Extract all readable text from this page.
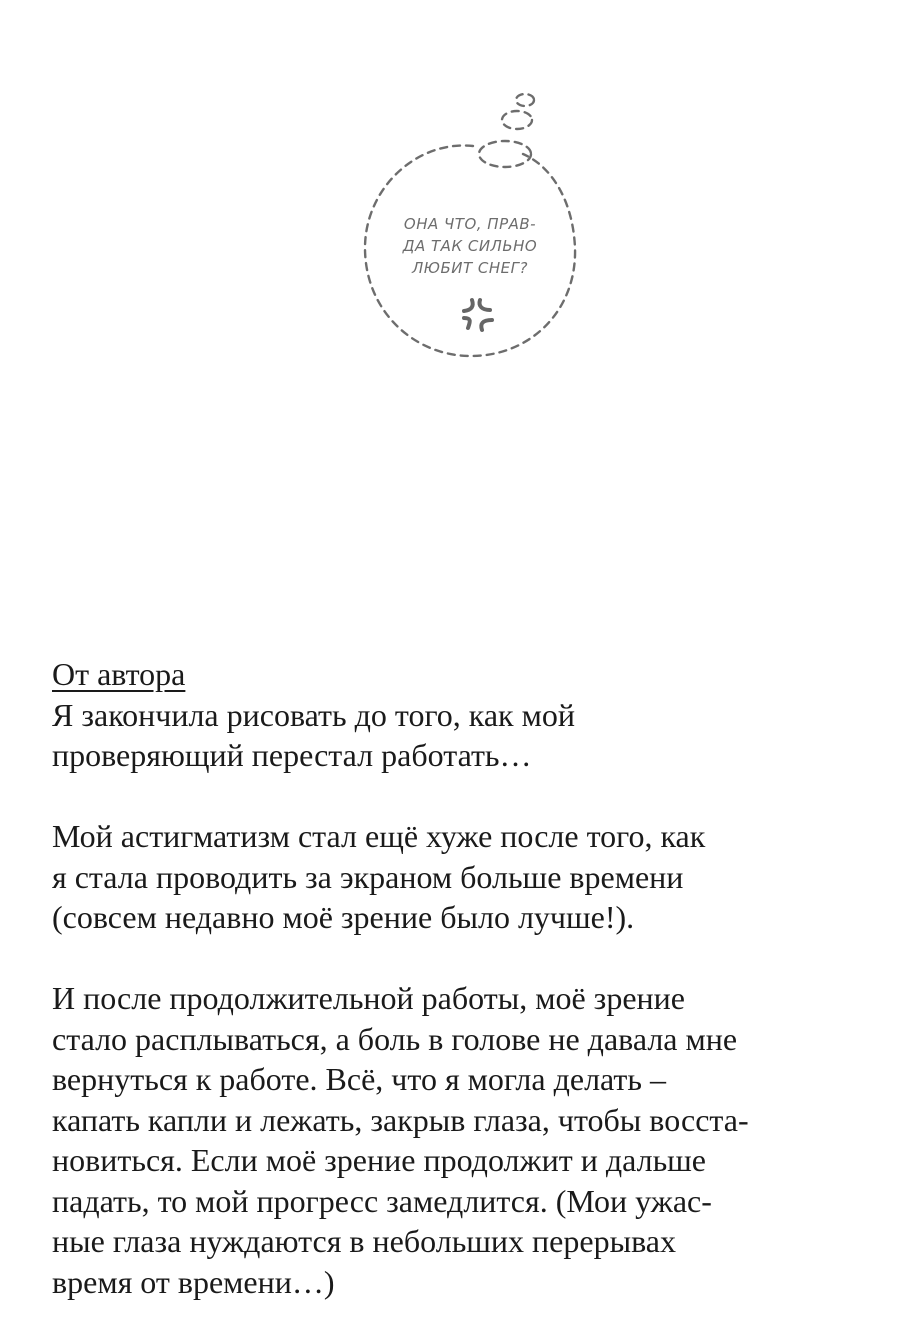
ОНА ЧТО, ПРАВ-
ДА ТАК СИЛЬНО
ЛЮБИТ СНЕГ?
От автора
Я закончила рисовать до того, как мой
проверяющий перестал работать…
Мой астигматизм стал ещё хуже после того, как
я стала проводить за экраном больше времени
(совсем недавно моё зрение было лучше!).
И после продолжительной работы, моё зрение
стало расплываться, а боль в голове не давала мне
вернуться к работе. Всё, что я могла делать –
капать капли и лежать, закрыв глаза, чтобы восста-
новиться. Если моё зрение продолжит и дальше
падать, то мой прогресс замедлится. (Мои ужас-
ные глаза нуждаются в небольших перерывах
время от времени…)
